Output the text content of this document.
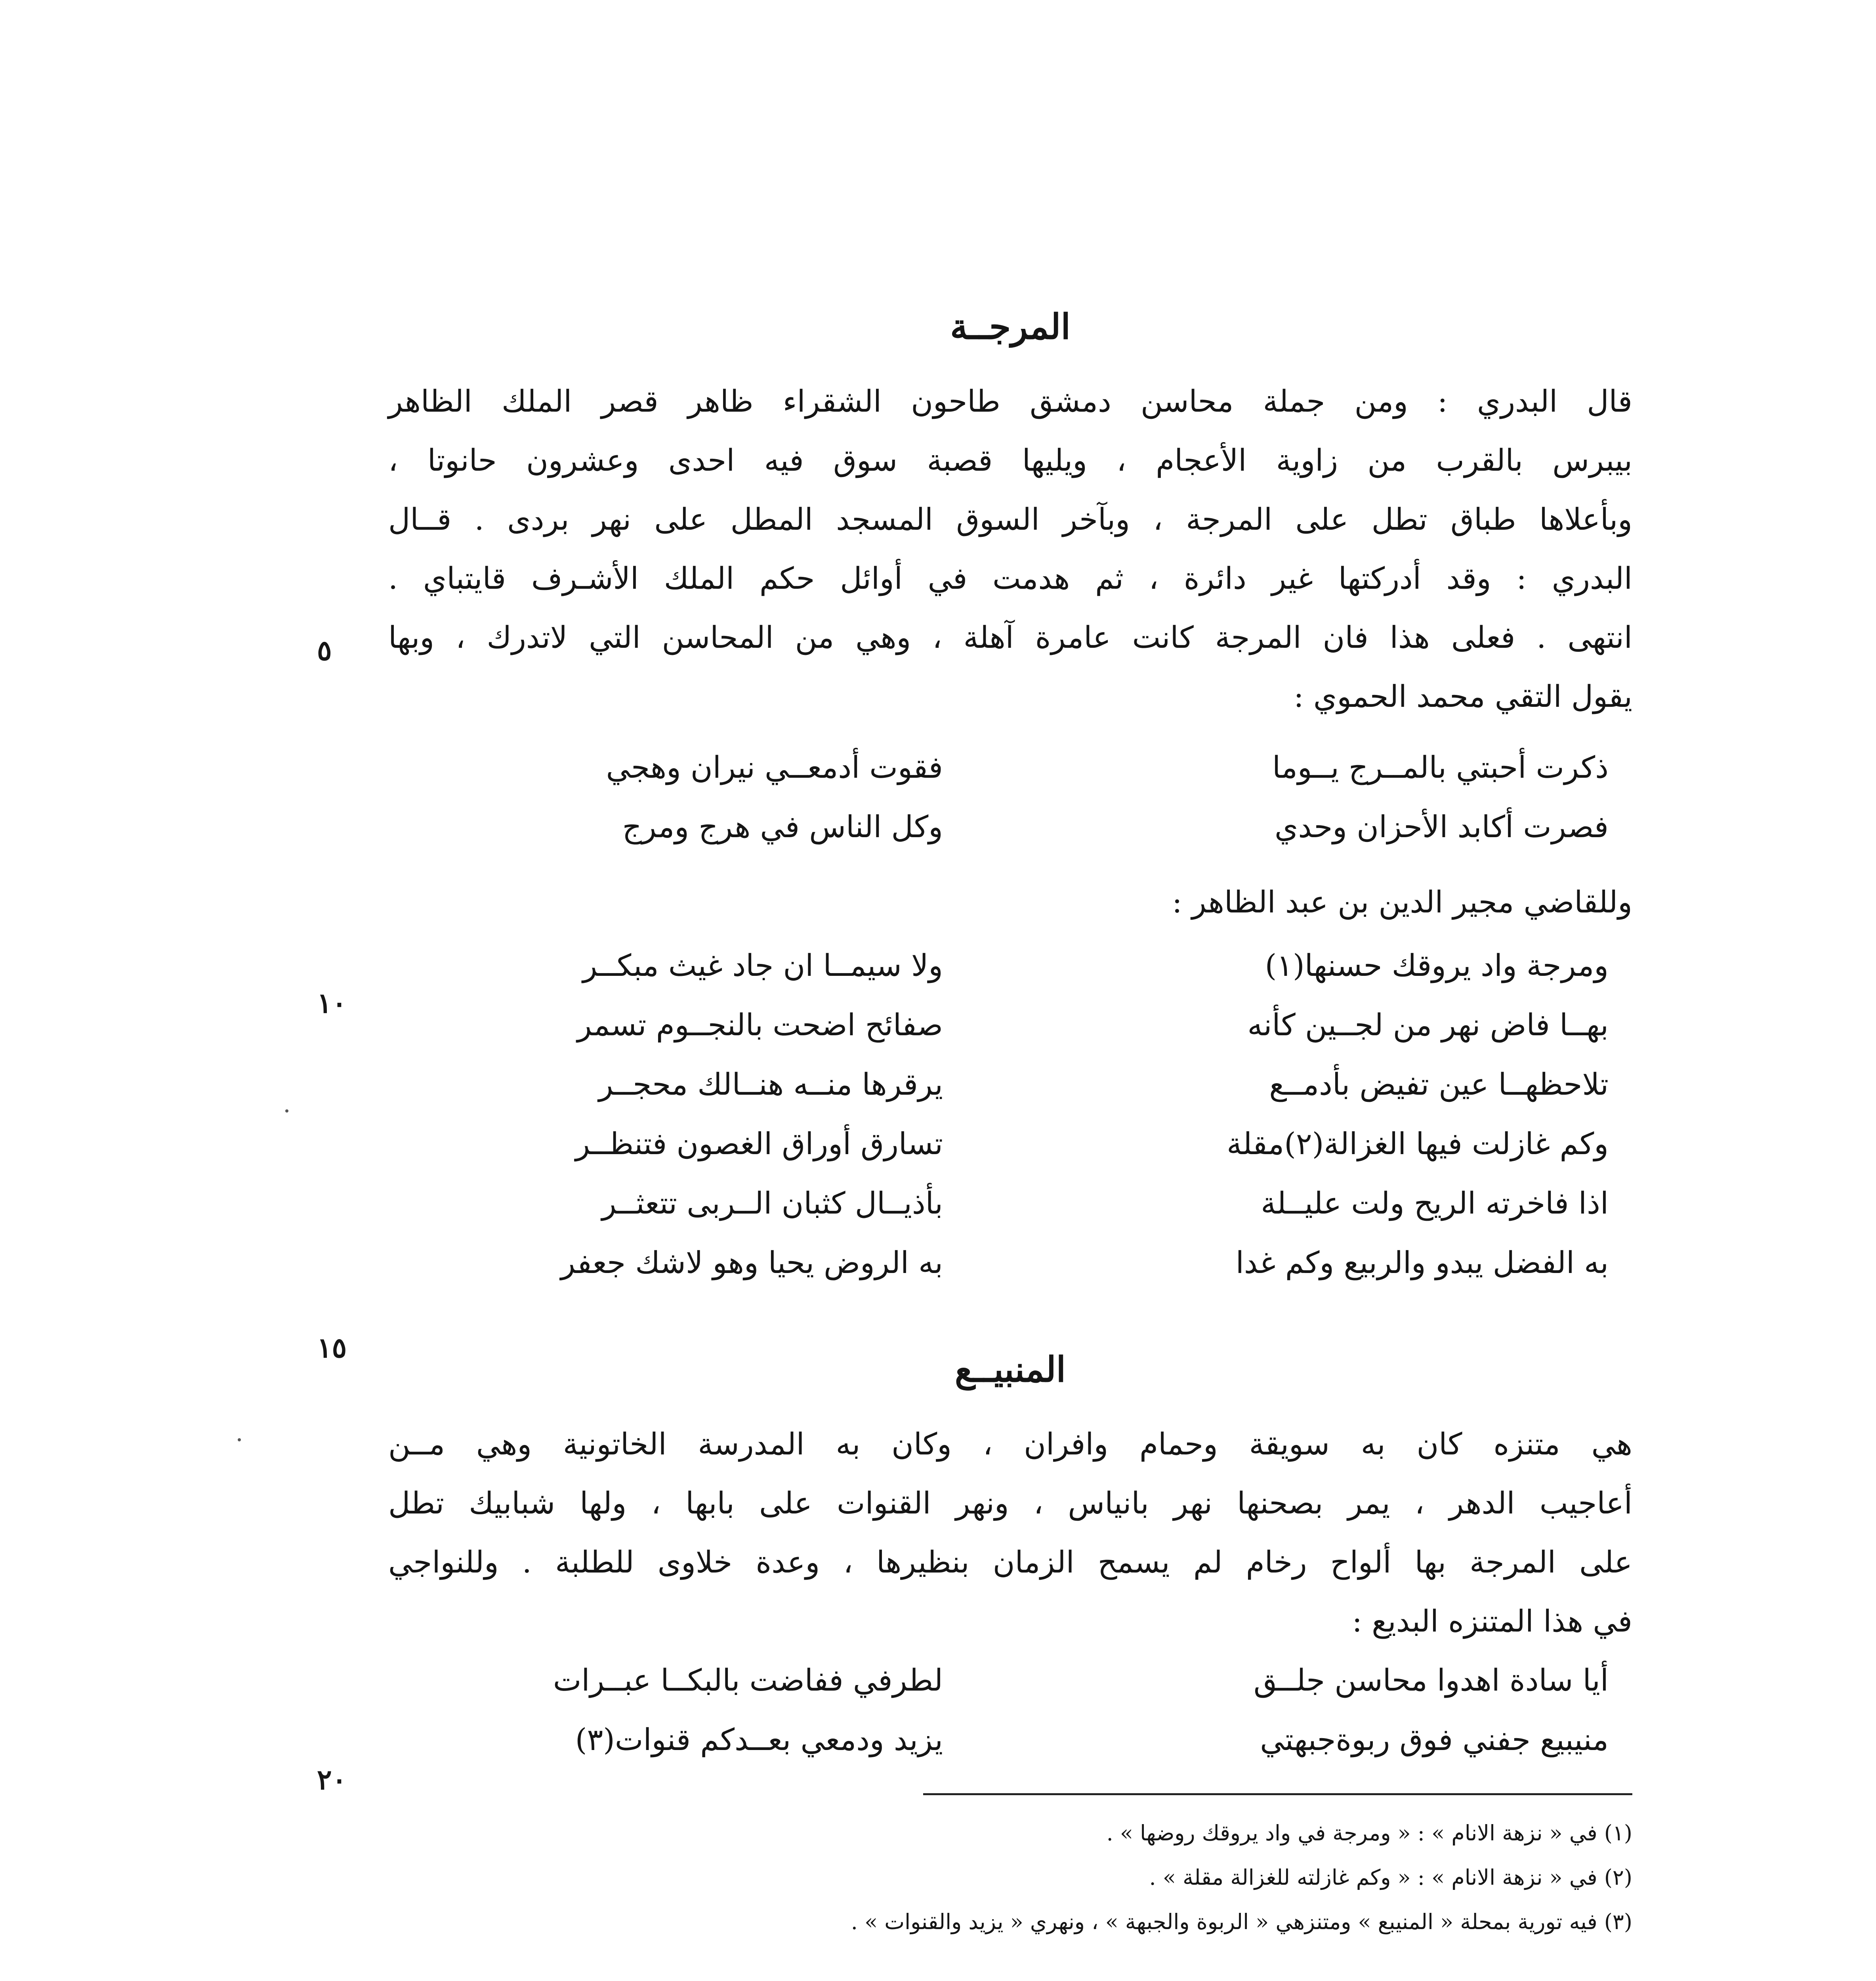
المرجــة
قال البدري : ومن جملة محاسن دمشق طاحون الشقراء ظاهر قصر الملك الظاهر
بيبرس بالقرب من زاوية الأعجام ، ويليها قصبة سوق فيه احدى وعشرون حانوتا ،
وبأعلاها طباق تطل على المرجة ، وبآخر السوق المسجد المطل على نهر بردى . قــال
البدري : وقد أدركتها غير دائرة ، ثم هدمت في أوائل حكم الملك الأشـرف قايتباي .
انتهى . فعلى هذا فان المرجة كانت عامرة آهلة ، وهي من المحاسن التي لاتدرك ، وبها
يقول التقي محمد الحموي :
ذكرت أحبتي بالمــرج يــوما
فقوت أدمعــي نيران وهجي
فصرت أكابد الأحزان وحدي
وكل الناس في هرج ومرج
وللقاضي مجير الدين بن عبد الظاهر :
ومرجة واد يروقك حسنها(١)
ولا سيمــا ان جاد غيث مبكــر
بهــا فاض نهر من لجــين كأنه
صفائح اضحت بالنجــوم تسمر
تلاحظهــا عين تفيض بأدمــع
يرقرها منــه هنــالك محجــر
وكم غازلت فيها الغزالة(٢)مقلة
تسارق أوراق الغصون فتنظــر
اذا فاخرته الريح ولت عليــلة
بأذيــال كثبان الــربى تتعثــر
به الفضل يبدو والربيع وكم غدا
به الروض يحيا وهو لاشك جعفر
المنبيــع
هي متنزه كان به سويقة وحمام وافران ، وكان به المدرسة الخاتونية وهي مــن
أعاجيب الدهر ، يمر بصحنها نهر بانياس ، ونهر القنوات على بابها ، ولها شبابيك تطل
على المرجة بها ألواح رخام لم يسمح الزمان بنظيرها ، وعدة خلاوى للطلبة . وللنواجي
في هذا المتنزه البديع :
أيا سادة اهدوا محاسن جلــق
لطرفي ففاضت بالبكــا عبــرات
منيبيع جفني فوق ربوةجبهتي
يزيد ودمعي بعــدكم قنوات(٣)
(١) في « نزهة الانام » : « ومرجة في واد يروقك روضها » .
(٢) في « نزهة الانام » : « وكم غازلته للغزالة مقلة » .
(٣) فيه تورية بمحلة « المنيبع » ومتنزهي « الربوة والجبهة » ، ونهري « يزيد والقنوات » .
٥
١٠
١٥
٢٠
